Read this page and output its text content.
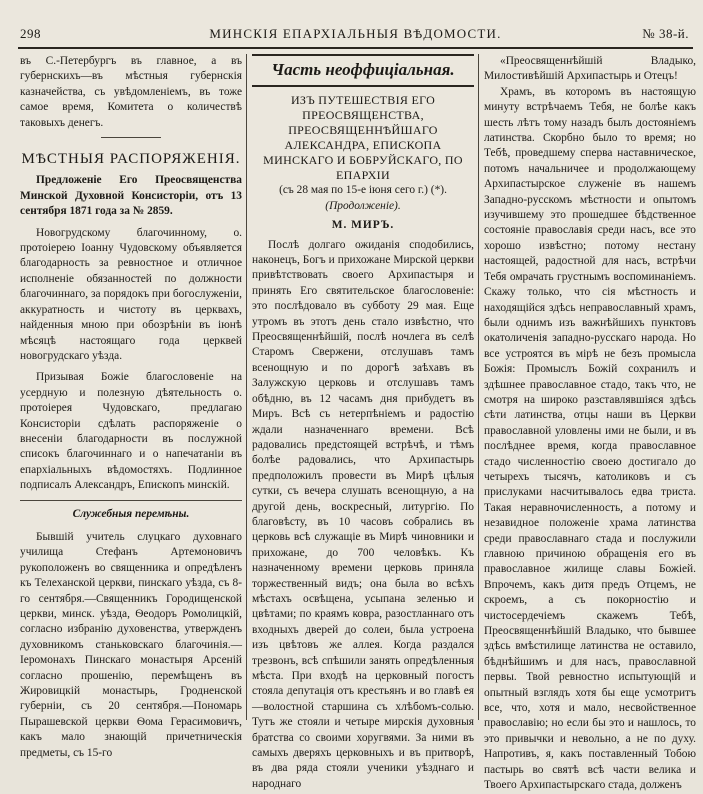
298	МИНСКІЯ ЕПАРХІАЛЬНЫЯ ВѢДОМОСТИ.	№ 38-й.

въ С.-Петербургъ въ главное, а въ губернскихъ—въ мѣстныя губернскія казначейства, съ увѣдомленіемъ, въ тоже самое время, Комитета о количествѣ таковыхъ денегъ.

МѢСТНЫЯ РАСПОРЯЖЕНІЯ.

Предложеніе Его Преосвященства Минской Духовной Консисторіи, отъ 13 сентября 1871 года за № 2859.

Новогрудскому благочинному, о. протоіерею Іоанну Чудовскому объявляется благодарность за ревностное и отличное исполненіе обязанностей по должности благочиннаго, за порядокъ при богослуженіи, аккуратность и чистоту въ церквахъ, найденныя мною при обозрѣніи въ іюнѣ мѣсяцѣ настоящаго года церквей новогрудскаго уѣзда.

Призывая Божіе благословеніе на усердную и полезную дѣятельность о. протоіерея Чудовскаго, предлагаю Консисторіи сдѣлать распоряженіе о внесеніи благодарности въ послужной списокъ благочиннаго и о напечатаніи въ епархіальныхъ вѣдомостяхъ. Подлинное подписалъ Александръ, Епископъ минскій.

Служебныя перемѣны.

Бывшій учитель слуцкаго духовнаго училища Стефанъ Артемоновичъ рукоположенъ во священника и опредѣленъ къ Телеханской церкви, пинскаго уѣзда, съ 8-го сентября.—Священникъ Городищенской церкви, минск. уѣзда, Ѳеодоръ Ромолицкій, согласно избранію духовенства, утвержденъ духовникомъ станьковскаго благочинія.—Іеромонахъ Пинскаго монастыря Арсеній согласно прошенію, перемѣщенъ въ Жировицкій монастырь, Гродненской губерніи, съ 20 сентября.—Пономарь Пырашевской церкви Ѳома Герасимовичъ, какъ мало знающій причетническія предметы, съ 15-го

Часть неоффиціальная.

ИЗЪ ПУТЕШЕСТВІЯ ЕГО ПРЕОСВЯЩЕНСТВА, ПРЕОСВЯЩЕННѢЙШАГО АЛЕКСАНДРА, ЕПИСКОПА МИНСКАГО И БОБРУЙСКАГО, ПО ЕПАРХІИ

(съ 28 мая по 15-е іюня сего г.) (*).

(Продолженіе).

М. МИРЪ.

Послѣ долгаго ожиданія сподобились, наконецъ, Богъ и прихожане Мирской церкви привѣтствовать своего Архипастыря и принять Его святительское благословеніе: это послѣдовало въ субботу 29 мая. Еще утромъ въ этотъ день стало извѣстно, что Преосвященнѣйшій, послѣ ночлега въ селѣ Старомъ Свержени, отслушавъ тамъ всенощную и по дорогѣ заѣхавъ въ Залужскую церковь и отслушавъ тамъ обѣдню, въ 12 часамъ дня прибудетъ въ Миръ. Всѣ съ нетерпѣніемъ и радостію ждали назначеннаго времени. Всѣ радовались предстоящей встрѣчѣ, и тѣмъ болѣе радовались, что Архипастырь предположилъ провести въ Мирѣ цѣлыя сутки, съ вечера слушать всенощную, а на другой день, воскресный, литургію. По благовѣсту, въ 10 часовъ собрались въ церковь всѣ служащіе въ Мирѣ чиновники и прихожане, до 700 человѣкъ. Къ назначенному времени церковь приняла торжественный видъ; она была во всѣхъ мѣстахъ освѣщена, усыпана зеленью и цвѣтами; по краямъ ковра, разостланнаго отъ входныхъ дверей до солеи, была устроена изъ цвѣтовъ же аллея. Когда раздался трезвонъ, всѣ спѣшили занять опредѣленныя мѣста. При входѣ на церковный погостъ стояла депутація отъ крестьянъ и во главѣ ея—волостной старшина съ хлѣбомъ-солью. Тутъ же стояли и четыре мирскія духовныя братства со своими хоругвями. За ними въ самыхъ дверяхъ церковныхъ и въ притворѣ, въ два ряда стояли ученики уѣзднаго и народнаго

«Преосвященнѣйшій Владыко, Милостивѣйшій Архипастырь и Отецъ!

Храмъ, въ которомъ въ настоящую минуту встрѣчаемъ Тебя, не болѣе какъ шесть лѣтъ тому назадъ былъ достояніемъ латинства. Скорбно было то время; но Тебѣ, проведшему сперва наставническое, потомъ начальничее и продолжающему Архипастырское служеніе въ нашемъ Западно-русскомъ мѣстности и опытомъ изучившему это прошедшее бѣдственное состояніе православія среди насъ, все это хорошо извѣстно; потому нестану настоящей, радостной для насъ, встрѣчи Тебя омрачать грустнымъ воспоминаніемъ. Скажу только, что сія мѣстность и находящійся здѣсь неправославный храмъ, были однимъ изъ важнѣйшихъ пунктовъ окатоличенія западно-русскаго народа. Но все устроятся въ мірѣ не безъ промысла Божія: Промыслъ Божій сохранилъ и здѣшнее православное стадо, такъ что, не смотря на широко разставлявшіяся здѣсь сѣти латинства, отцы наши въ Церкви православной уловлены ими не были, и въ послѣднее время, когда православное стадо численностію своею достигало до четырехъ тысячъ, католиковъ и съ прислуками насчитывалось едва триста. Такая неравночисленность, а потому и незавидное положеніе храма латинства среди православнаго стада и послужили главною причиною обращенія его въ православное жилище славы Божіей. Впрочемъ, какъ дитя предъ Отцемъ, не скроемъ, а съ покорностію и чистосердечіемъ скажемъ Тебѣ, Преосвященнѣйшій Владыко, что бывшее здѣсь вмѣстилище латинства не оставило, бѣднѣйшимъ и для насъ, православной первы. Твой ревностно испытующій и опытный взглядъ хотя бы еще усмотритъ все, что, хотя и мало, несвойственное православію; но если бы это и нашлось, то это привычки и невольно, а не по духу. Напротивъ, я, какъ поставленный Тобою пастырь во святѣ всѣ части велика и Твоего Архипастырскаго стада, долженъ
